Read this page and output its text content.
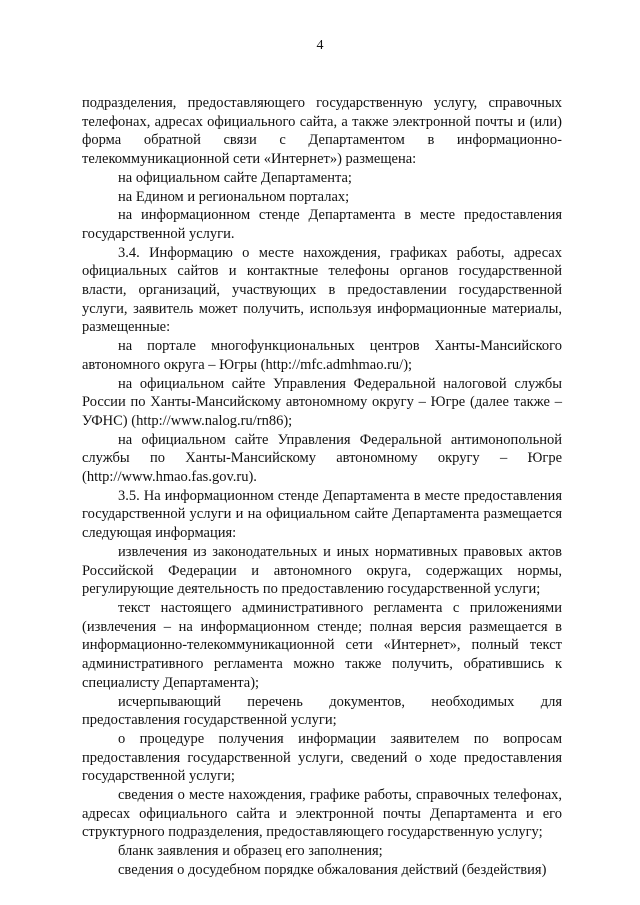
4

подразделения, предоставляющего государственную услугу, справочных телефонах, адресах официального сайта, а также электронной почты и (или) форма обратной связи с Департаментом в информационно-телекоммуникационной сети «Интернет») размещена:

на официальном сайте Департамента;

на Едином и региональном порталах;

на информационном стенде Департамента в месте предоставления государственной услуги.

3.4. Информацию о месте нахождения, графиках работы, адресах официальных сайтов и контактные телефоны органов государственной власти, организаций, участвующих в предоставлении государственной услуги, заявитель может получить, используя информационные материалы, размещенные:

на портале многофункциональных центров Ханты-Мансийского автономного округа – Югры (http://mfc.admhmao.ru/);

на официальном сайте Управления Федеральной налоговой службы России по Ханты-Мансийскому автономному округу – Югре (далее также – УФНС) (http://www.nalog.ru/rn86);

на официальном сайте Управления Федеральной антимонопольной службы по Ханты-Мансийскому автономному округу – Югре (http://www.hmao.fas.gov.ru).

3.5. На информационном стенде Департамента в месте предоставления государственной услуги и на официальном сайте Департамента размещается следующая информация:

извлечения из законодательных и иных нормативных правовых актов Российской Федерации и автономного округа, содержащих нормы, регулирующие деятельность по предоставлению государственной услуги;

текст настоящего административного регламента с приложениями (извлечения – на информационном стенде; полная версия размещается в информационно-телекоммуникационной сети «Интернет», полный текст административного регламента можно также получить, обратившись к специалисту Департамента);

исчерпывающий перечень документов, необходимых для предоставления государственной услуги;

о процедуре получения информации заявителем по вопросам предоставления государственной услуги, сведений о ходе предоставления государственной услуги;

сведения о месте нахождения, графике работы, справочных телефонах, адресах официального сайта и электронной почты Департамента и его структурного подразделения, предоставляющего государственную услугу;

бланк заявления и образец его заполнения;

сведения о досудебном порядке обжалования действий (бездействия)
